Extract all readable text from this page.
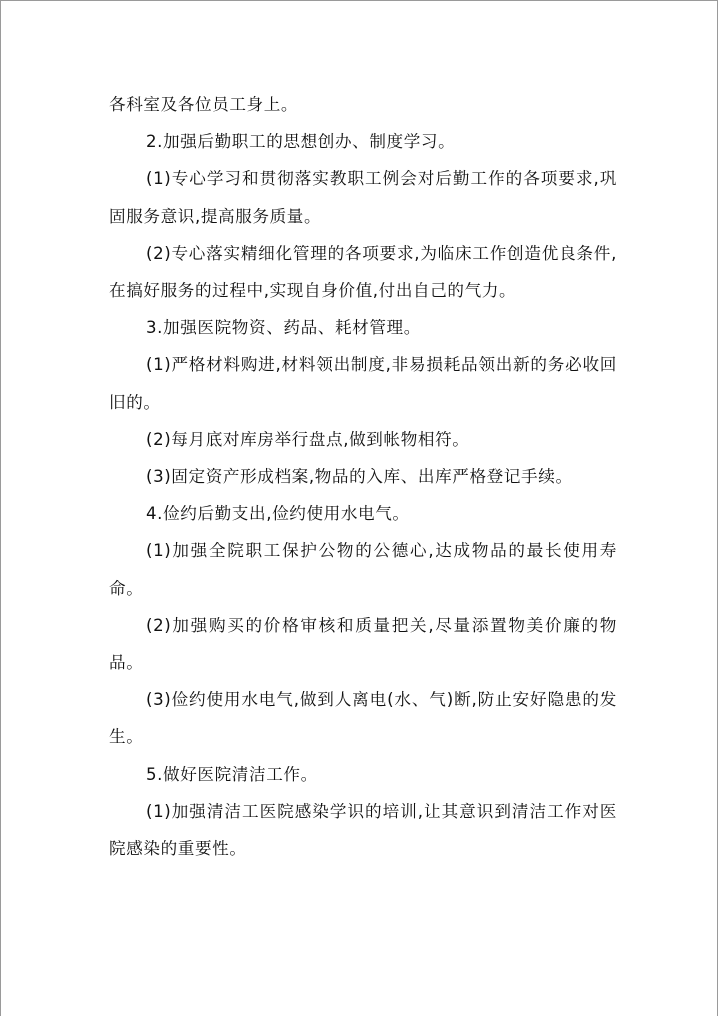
各科室及各位员工身上。

2.加强后勤职工的思想创办、制度学习。

(1)专心学习和贯彻落实教职工例会对后勤工作的各项要求,巩固服务意识,提高服务质量。

(2)专心落实精细化管理的各项要求,为临床工作创造优良条件,在搞好服务的过程中,实现自身价值,付出自己的气力。

3.加强医院物资、药品、耗材管理。

(1)严格材料购进,材料领出制度,非易损耗品领出新的务必收回旧的。

(2)每月底对库房举行盘点,做到帐物相符。

(3)固定资产形成档案,物品的入库、出库严格登记手续。

4.俭约后勤支出,俭约使用水电气。

(1)加强全院职工保护公物的公德心,达成物品的最长使用寿命。

(2)加强购买的价格审核和质量把关,尽量添置物美价廉的物品。

(3)俭约使用水电气,做到人离电(水、气)断,防止安好隐患的发生。

5.做好医院清洁工作。

(1)加强清洁工医院感染学识的培训,让其意识到清洁工作对医院感染的重要性。
